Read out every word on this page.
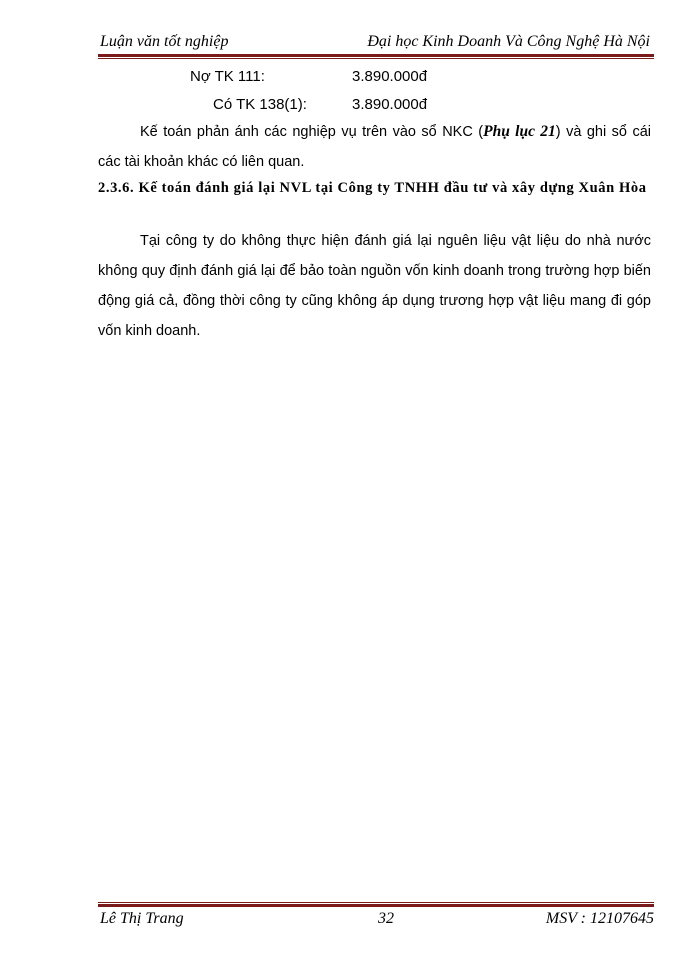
Luận văn tốt nghiệp	Đại học Kinh Doanh Và Công Nghệ Hà Nội
Nợ TK 111:	3.890.000đ
Có TK 138(1):	3.890.000đ
Kế toán phản ánh các nghiệp vụ trên vào sổ NKC (Phụ lục 21) và ghi sổ cái các tài khoản khác có liên quan.
2.3.6. Kế toán đánh giá lại NVL tại Công ty TNHH đầu tư và xây dựng Xuân Hòa
Tại công ty do không thực hiện đánh giá lại nguên liệu vật liệu do nhà nước không quy định đánh giá lại để bảo toàn nguồn vốn kinh doanh trong trường hợp biến động giá cả, đồng thời công ty cũng không áp dụng trương hợp vật liệu mang đi góp vốn kinh doanh.
Lê Thị Trang	32	MSV : 12107645
